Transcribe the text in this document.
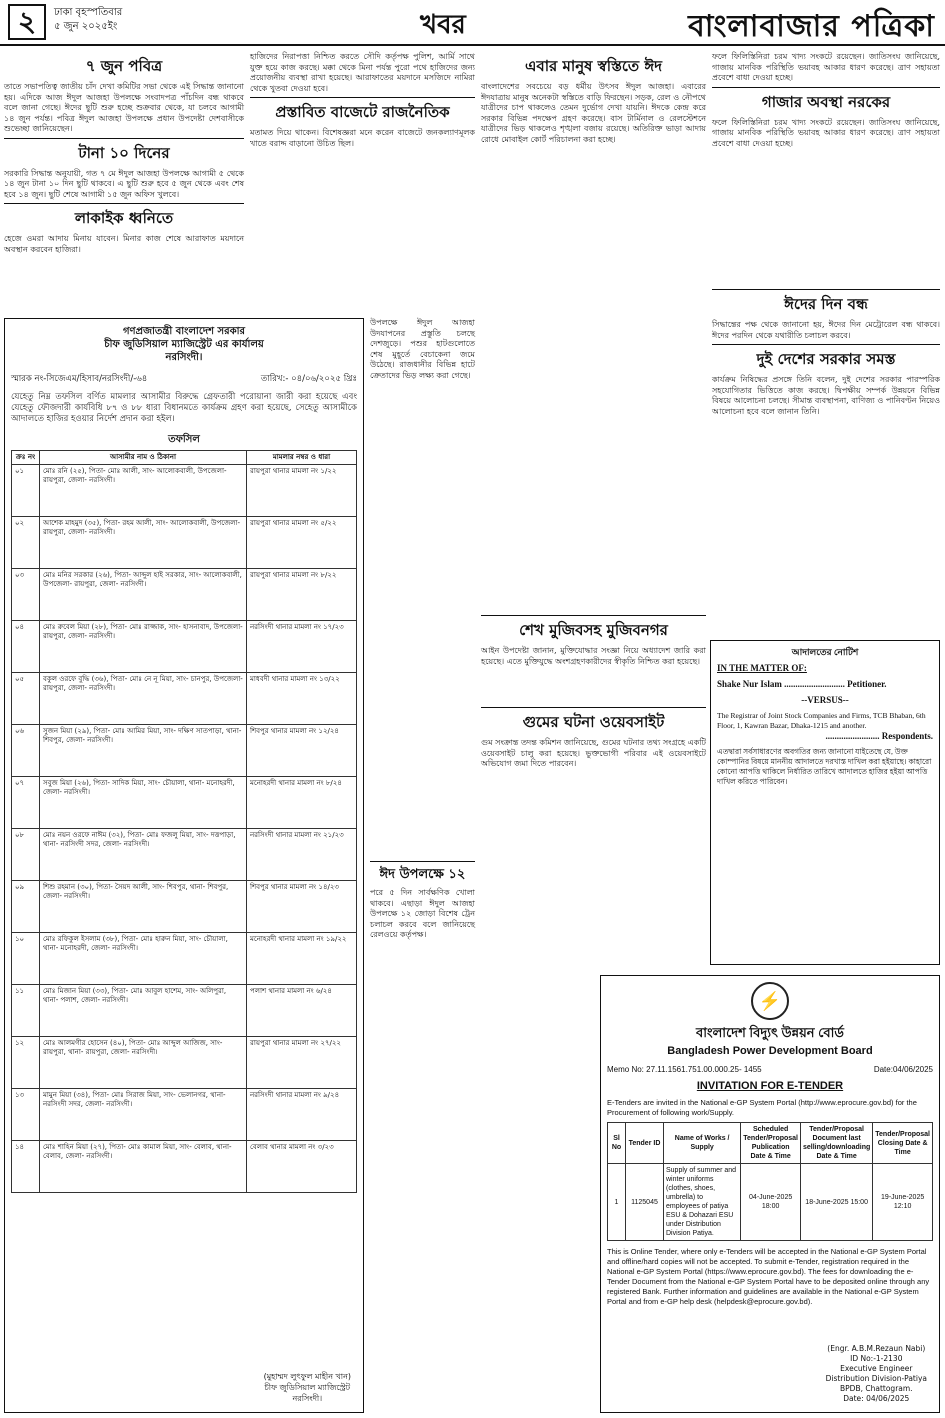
২	ঢাকা বৃহস্পতিবার
৫ জুন ২০২৫ইং	খবর	বাংলাবাজার পত্রিকা
৭ জুন পবিত্র
তাতে সভাপতিত্ব জাতীয় চাঁদ দেখা কমিটির সভা থেকে এই সিদ্ধান্ত জানানো হয়। এদিকে আজ ঈদুল আজহা উপলক্ষে সংবাদপত্র পাঁচদিন বন্ধ থাকবে বলে জানা গেছে। ঈদের ছুটি শুরু হচ্ছে শুক্রবার থেকে, যা চলবে আগামী ১৪ জুন পর্যন্ত। পবিত্র ঈদুল আজহা উপলক্ষে প্রধান উপদেষ্টা দেশবাসীকে শুভেচ্ছা জানিয়েছেন।
টানা ১০ দিনের
সরকারি সিদ্ধান্ত অনুযায়ী, গত ৭ মে ঈদুল আজহা উপলক্ষে আগামী ৫ থেকে ১৪ জুন টানা ১০ দিন ছুটি থাকবে। এ ছুটি শুরু হবে ৫ জুন থেকে এবং শেষ হবে ১৪ জুন। ছুটি শেষে আগামী ১৫ জুন অফিস খুলবে।
লাকাইক ধ্বনিতে
হেজে ওমরা আদায় মিনায় যাবেন। মিনার কাজ শেষে আরাফাত ময়দানে অবস্থান করবেন হাজিরা।
হাজিদের নিরাপত্তা নিশ্চিত করতে সৌদি কর্তৃপক্ষ পুলিশ, আর্মি সাথে যুক্ত হয়ে কাজ করছে। মক্কা থেকে মিনা পর্যন্ত পুরো পথে হাজিদের জন্য প্রয়োজনীয় ব্যবস্থা রাখা হয়েছে। আরাফাতের ময়দানে মসজিদে নামিরা থেকে খুতবা দেওয়া হবে।
প্রস্তাবিত বাজেটে রাজনৈতিক
মতামত দিয়ে থাকেন। বিশেষজ্ঞরা মনে করেন বাজেটে জনকল্যাণমূলক খাতে বরাদ্দ বাড়ানো উচিত ছিল।
উপলক্ষে ঈদুল আজহা উদযাপনের প্রস্তুতি চলছে দেশজুড়ে। পশুর হাটগুলোতে শেষ মুহূর্তে বেচাকেনা জমে উঠেছে। রাজধানীর বিভিন্ন হাটে ক্রেতাদের ভিড় লক্ষ্য করা গেছে।
ঈদ উপলক্ষে ১২
পরে ৫ দিন সার্বক্ষণিক খোলা থাকবে। এছাড়া ঈদুল আজহা উপলক্ষে ১২ জোড়া বিশেষ ট্রেন চলাচল করবে বলে জানিয়েছে রেলওয়ে কর্তৃপক্ষ।
এবার মানুষ স্বস্তিতে ঈদ
বাংলাদেশের সবচেয়ে বড় ধর্মীয় উৎসব ঈদুল আজহা। এবারের ঈদযাত্রায় মানুষ অনেকটা স্বস্তিতে বাড়ি ফিরছেন। সড়ক, রেল ও নৌপথে যাত্রীদের চাপ থাকলেও তেমন দুর্ভোগ দেখা যায়নি। ঈদকে কেন্দ্র করে সরকার বিভিন্ন পদক্ষেপ গ্রহণ করেছে। বাস টার্মিনাল ও রেলস্টেশনে যাত্রীদের ভিড় থাকলেও শৃঙ্খলা বজায় রয়েছে। অতিরিক্ত ভাড়া আদায় রোধে মোবাইল কোর্ট পরিচালনা করা হচ্ছে।
শেখ মুজিবসহ মুজিবনগর
আইন উপদেষ্টা জানান, মুক্তিযোদ্ধার সংজ্ঞা নিয়ে অধ্যাদেশ জারি করা হয়েছে। এতে মুক্তিযুদ্ধে অংশগ্রহণকারীদের স্বীকৃতি নিশ্চিত করা হয়েছে।
গুমের ঘটনা ওয়েবসাইট
গুম সংক্রান্ত তদন্ত কমিশন জানিয়েছে, গুমের ঘটনার তথ্য সংগ্রহে একটি ওয়েবসাইট চালু করা হয়েছে। ভুক্তভোগী পরিবার এই ওয়েবসাইটে অভিযোগ জমা দিতে পারবেন।
ফলে ফিলিস্তিনিরা চরম খাদ্য সংকটে রয়েছেন। জাতিসংঘ জানিয়েছে, গাজায় মানবিক পরিস্থিতি ভয়াবহ আকার ধারণ করেছে। ত্রাণ সহায়তা প্রবেশে বাধা দেওয়া হচ্ছে।
গাজার অবস্থা নরকের
ফলে ফিলিস্তিনিরা চরম খাদ্য সংকটে রয়েছেন। জাতিসংঘ জানিয়েছে, গাজায় মানবিক পরিস্থিতি ভয়াবহ আকার ধারণ করেছে। ত্রাণ সহায়তা প্রবেশে বাধা দেওয়া হচ্ছে।
ঈদের দিন বন্ধ
সিদ্ধান্তের পক্ষ থেকে জানানো হয়, ঈদের দিন মেট্রোরেল বন্ধ থাকবে। ঈদের পরদিন থেকে যথারীতি চলাচল করবে।
দুই দেশের সরকার সমস্ত
কার্যক্রম নিষিদ্ধের প্রসঙ্গে তিনি বলেন, দুই দেশের সরকার পারস্পরিক সহযোগিতার ভিত্তিতে কাজ করছে। দ্বিপক্ষীয় সম্পর্ক উন্নয়নে বিভিন্ন বিষয়ে আলোচনা চলছে। সীমান্ত ব্যবস্থাপনা, বাণিজ্য ও পানিবণ্টন নিয়েও আলোচনা হবে বলে জানান তিনি।
গণপ্রজাতন্ত্রী বাংলাদেশ সরকার
চীফ জুডিসিয়াল ম্যাজিস্ট্রেট এর কার্যালয়
নরসিংদী।
স্মারক নং-সিজেএম/হিসাব/নরসিংদী/-৬৪	তারিখ:- ০৪/০৬/২০২৫ খ্রিঃ
যেহেতু নিম্ন তফসিল বর্ণিত মামলার আসামীর বিরুদ্ধে গ্রেফতারী পরোয়ানা জারী করা হয়েছে এবং যেহেতু ফৌজদারী কার্যবিধি ৮৭ ও ৮৮ ধারা বিধানমতে কার্যক্রম গ্রহণ করা হয়েছে, সেহেতু আসামীকে আদালতে হাজির হওয়ার নির্দেশ প্রদান করা হইল।
তফসিল
ক্রঃ নং	আসামীর নাম ও ঠিকানা	মামলার নম্বর ও ধারা
০১	মোঃ রনি (২৫), পিতা- মোঃ আলী, সাং- আলোকবালী, উপজেলা- রায়পুরা, জেলা- নরসিংদী।	রায়পুরা থানার মামলা নং ১/২২
০২	আশেক মাহমুদ (৩৫), পিতা- রহম আলী, সাং- আলোকবালী, উপজেলা- রায়পুরা, জেলা- নরসিংদী।	রায়পুরা থানার মামলা নং ৫/২২
০৩	মোঃ মনির সরকার (২৬), পিতা- আব্দুল হাই সরকার, সাং- আলোকবালী, উপজেলা- রায়পুরা, জেলা- নরসিংদী।	রায়পুরা থানার মামলা নং ৮/২২
০৪	মোঃ রুবেল মিয়া (২৮), পিতা- মোঃ রাজ্জাক, সাং- হাসনাবাদ, উপজেলা- রায়পুরা, জেলা- নরসিংদী।	নরসিংদী থানার মামলা নং ১৭/২৩
০৫	বকুল ওরফে বুদ্ধি (৩৬), পিতা- মোঃ নে নূ মিয়া, সাং- চানপুর, উপজেলা- রায়পুরা, জেলা- নরসিংদী।	মাধবদী থানার মামলা নং ১৩/২২
০৬	সুজন মিয়া (২৯), পিতা- মোঃ আমির মিয়া, সাং- দক্ষিণ সাতপাড়া, থানা- শিবপুর, জেলা- নরসিংদী।	শিবপুর থানার মামলা নং ১২/২৪
০৭	সবুজ মিয়া (২৬), পিতা- সাদিক মিয়া, সাং- চৌয়ালা, থানা- মনোহরদী, জেলা- নরসিংদী।	মনোহরদী থানার মামলা নং ৮/২৪
০৮	মোঃ নয়ন ওরফে নাঈম (৩২), পিতা- মোঃ ফজলু মিয়া, সাং- দত্তপাড়া, থানা- নরসিংদী সদর, জেলা- নরসিংদী।	নরসিংদী থানার মামলা নং ২১/২৩
০৯	শিশু রহমান (৩০), পিতা- সৈয়দ আলী, সাং- শিবপুর, থানা- শিবপুর, জেলা- নরসিংদী।	শিবপুর থানার মামলা নং ১৪/২৩
১০	মোঃ রফিকুল ইসলাম (৩৮), পিতা- মোঃ হারুন মিয়া, সাং- চৌয়ালা, থানা- মনোহরদী, জেলা- নরসিংদী।	মনোহরদী থানার মামলা নং ১৯/২২
১১	মোঃ মিজান মিয়া (৩৩), পিতা- মোঃ আবুল হাশেম, সাং- অলিপুরা, থানা- পলাশ, জেলা- নরসিংদী।	পলাশ থানার মামলা নং ৬/২৪
১২	মোঃ আলমগীর হোসেন (৪০), পিতা- মোঃ আব্দুল আজিজ, সাং- রায়পুরা, থানা- রায়পুরা, জেলা- নরসিংদী।	রায়পুরা থানার মামলা নং ২৭/২২
১৩	মামুন মিয়া (৩৪), পিতা- মোঃ সিরাজ মিয়া, সাং- ভেলানগর, থানা- নরসিংদী সদর, জেলা- নরসিংদী।	নরসিংদী থানার মামলা নং ৯/২৪
১৪	মোঃ শাহিন মিয়া (২৭), পিতা- মোঃ কামাল মিয়া, সাং- বেলাব, থানা- বেলাব, জেলা- নরসিংদী।	বেলাব থানার মামলা নং ৩/২৩
(মুহাম্মদ লুৎফুল মাহীন খান)
চীফ জুডিসিয়াল ম্যাজিস্ট্রেট
নরসিংদী।
আদালতের নোটিশ
IN THE MATTER OF:
Shake Nur Islam ........................... Petitioner.
--VERSUS--
The Registrar of Joint Stock Companies and Firms, TCB Bhaban, 6th Floor, 1, Kawran Bazar, Dhaka-1215 and another.
........................ Respondents.
এতদ্বারা সর্বসাধারণের অবগতির জন্য জানানো যাইতেছে যে, উক্ত কোম্পানির বিষয়ে মাননীয় আদালতে দরখাস্ত দাখিল করা হইয়াছে। কাহারো কোনো আপত্তি থাকিলে নির্ধারিত তারিখে আদালতে হাজির হইয়া আপত্তি দাখিল করিতে পারিবেন।
⚡
বাংলাদেশ বিদ্যুৎ উন্নয়ন বোর্ড
Bangladesh Power Development Board
Memo No: 27.11.1561.751.00.000.25- 1455	Date:04/06/2025
INVITATION FOR E-TENDER
E-Tenders are invited in the National e-GP System Portal (http://www.eprocure.gov.bd) for the Procurement of following work/Supply.
Sl No	Tender ID	Name of Works / Supply	Scheduled Tender/Proposal Publication Date & Time	Tender/Proposal Document last selling/downloading Date & Time	Tender/Proposal Closing Date & Time
1	1125045	Supply of summer and winter uniforms (clothes, shoes, umbrella) to employees of patiya ESU & Dohazari ESU under Distribution Division Patiya.	04-June-2025 18:00	18-June-2025 15:00	19-June-2025 12:10
This is Online Tender, where only e-Tenders will be accepted in the National e-GP System Portal and offline/hard copies will not be accepted. To submit e-Tender, registration required in the National e-GP System Portal (https://www.eprocure.gov.bd). The fees for downloading the e-Tender Document from the National e-GP System Portal have to be deposited online through any registered Bank. Further information and guidelines are available in the National e-GP System Portal and from e-GP help desk (helpdesk@eprocure.gov.bd).
(Engr. A.B.M.Rezaun Nabi)
ID No:-1-2130
Executive Engineer
Distribution Division-Patiya
BPDB, Chattogram.
Date: 04/06/2025
